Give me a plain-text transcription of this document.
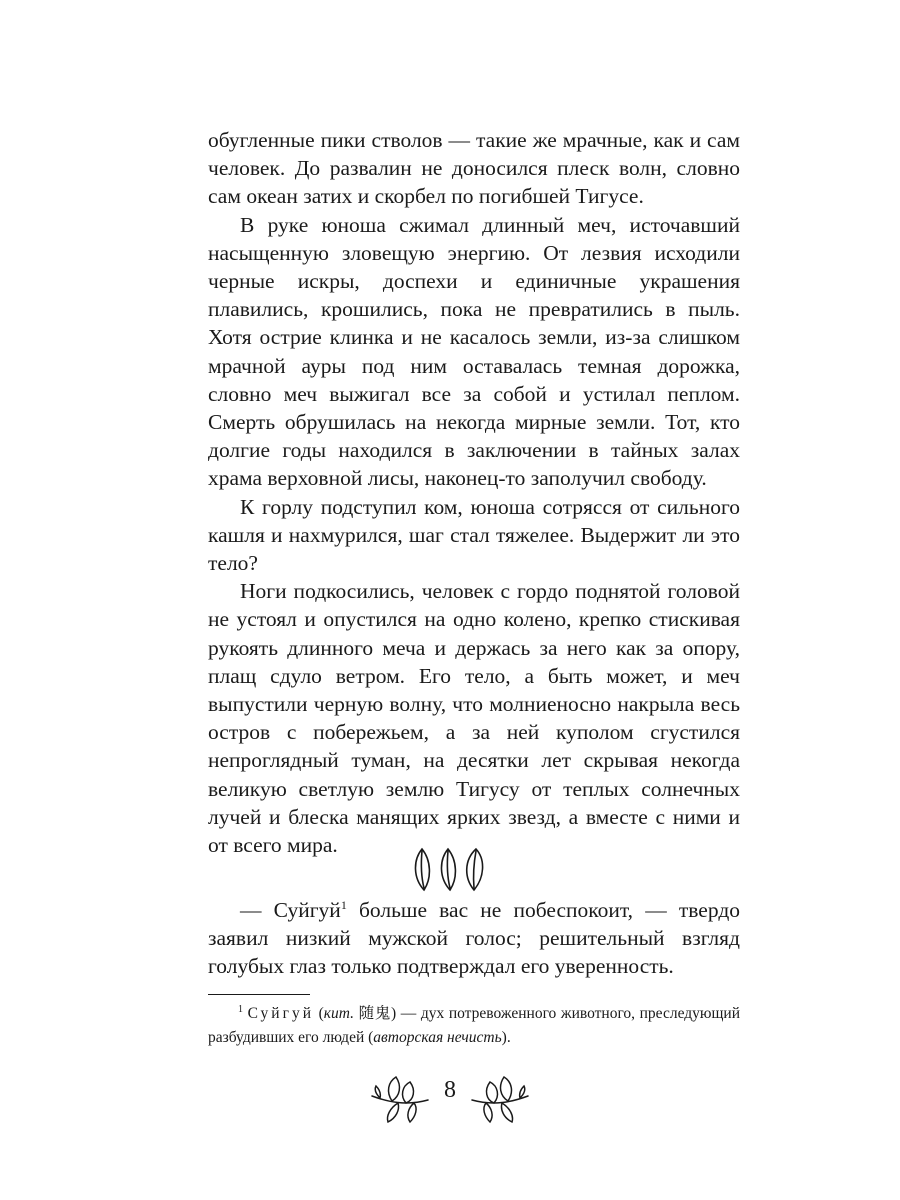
обугленные пики стволов — такие же мрачные, как и сам человек. До развалин не доносился плеск волн, словно сам океан затих и скорбел по погибшей Тигусе.

В руке юноша сжимал длинный меч, источавший насыщенную зловещую энергию. От лезвия исходили черные искры, доспехи и единичные украшения плавились, крошились, пока не превратились в пыль. Хотя острие клинка и не касалось земли, из-за слишком мрачной ауры под ним оставалась темная дорожка, словно меч выжигал все за собой и устилал пеплом. Смерть обрушилась на некогда мирные земли. Тот, кто долгие годы находился в заключении в тайных залах храма верховной лисы, наконец-то заполучил свободу.

К горлу подступил ком, юноша сотрясся от сильного кашля и нахмурился, шаг стал тяжелее. Выдержит ли это тело?

Ноги подкосились, человек с гордо поднятой головой не устоял и опустился на одно колено, крепко стискивая рукоять длинного меча и держась за него как за опору, плащ сдуло ветром. Его тело, а быть может, и меч выпустили черную волну, что молниеносно накрыла весь остров с побережьем, а за ней куполом сгустился непроглядный туман, на десятки лет скрывая некогда великую светлую землю Тигусу от теплых солнечных лучей и блеска манящих ярких звезд, а вместе с ними и от всего мира.

— Суйгуй$^1$ больше вас не побеспокоит, — твердо заявил низкий мужской голос; решительный взгляд голубых глаз только подтверждал его уверенность.

$^1$ Суйгуй (кит. 随鬼) — дух потревоженного животного, преследующий разбудивших его людей (авторская нечисть).

8
